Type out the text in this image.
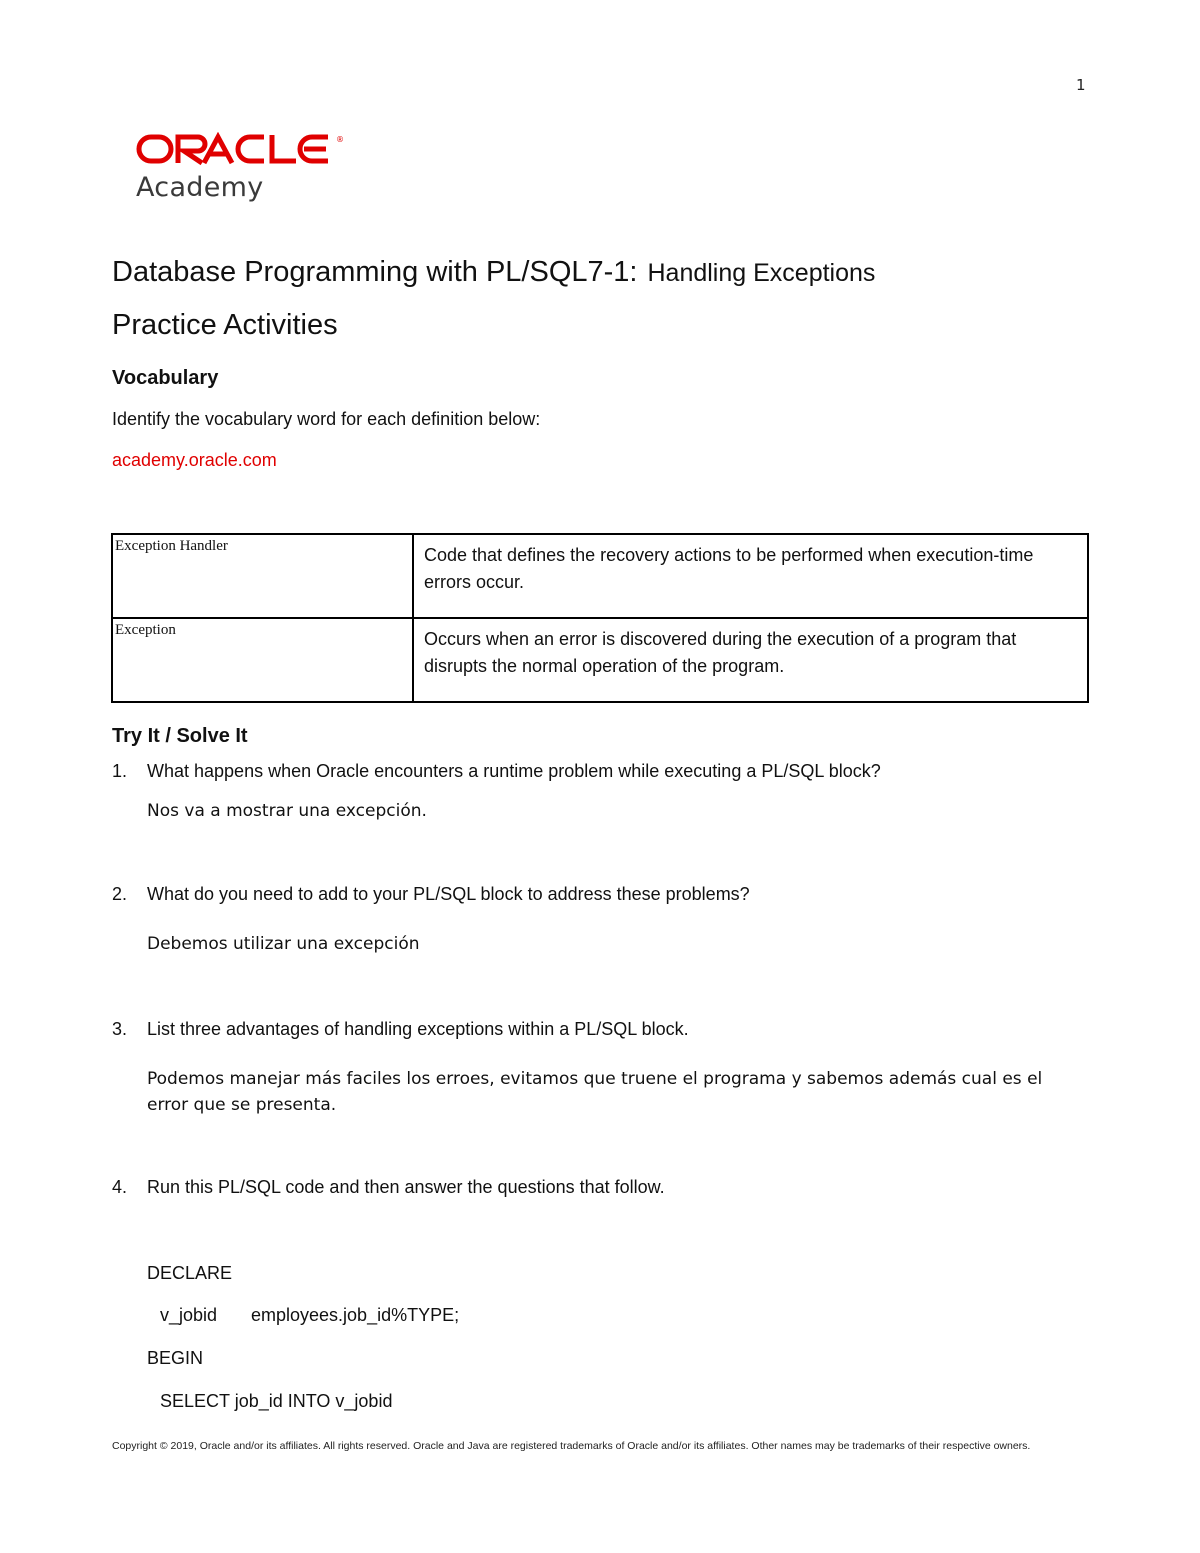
1
®
Academy
Database Programming with PL/SQL7-1: Handling Exceptions
Practice Activities
Vocabulary
Identify the vocabulary word for each definition below:
academy.oracle.com
Exception Handler	Code that defines the recovery actions to be performed when execution-time errors occur.
Exception	Occurs when an error is discovered during the execution of a program that disrupts the normal operation of the program.
Try It / Solve It
1. What happens when Oracle encounters a runtime problem while executing a PL/SQL block?
Nos va a mostrar una excepción.
2. What do you need to add to your PL/SQL block to address these problems?
Debemos utilizar una excepción
3. List three advantages of handling exceptions within a PL/SQL block.
Podemos manejar más faciles los erroes, evitamos que truene el programa y sabemos además cual es el error que se presenta.
4. Run this PL/SQL code and then answer the questions that follow.
DECLARE
v_jobid employees.job_id%TYPE;
BEGIN
SELECT job_id INTO v_jobid
Copyright © 2019, Oracle and/or its affiliates. All rights reserved. Oracle and Java are registered trademarks of Oracle and/or its affiliates. Other names may be trademarks of their respective owners.
